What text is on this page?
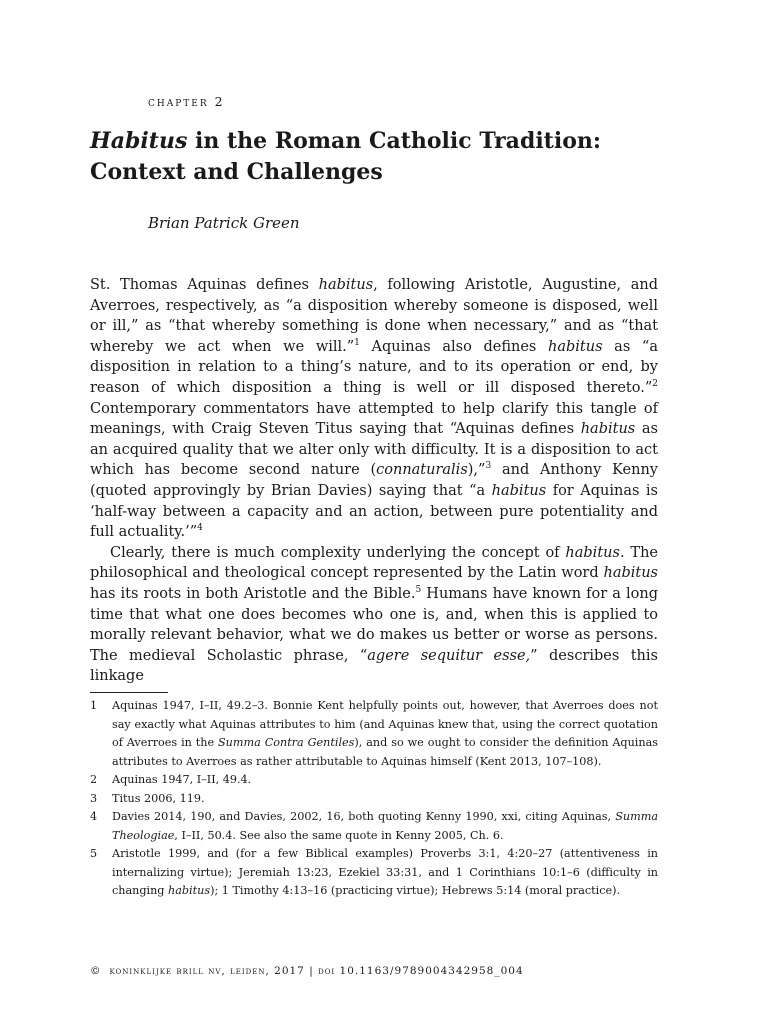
chapter 2
Habitus in the Roman Catholic Tradition: Context and Challenges
Brian Patrick Green

St. Thomas Aquinas defines habitus, following Aristotle, Augustine, and Averroes, respectively, as “a disposition whereby someone is disposed, well or ill,” as “that whereby something is done when necessary,” and as “that whereby we act when we will.”$^1$ Aquinas also defines habitus as “a disposition in relation to a thing’s nature, and to its operation or end, by reason of which disposition a thing is well or ill disposed thereto.”$^2$ Contemporary commentators have attempted to help clarify this tangle of meanings, with Craig Steven Titus saying that “Aquinas defines habitus as an acquired quality that we alter only with difficulty. It is a disposition to act which has become second nature (connaturalis),”$^3$ and Anthony Kenny (quoted approvingly by Brian Davies) saying that “a habitus for Aquinas is ‘half-way between a capacity and an action, between pure potentiality and full actuality.’”$^4$

Clearly, there is much complexity underlying the concept of habitus. The philosophical and theological concept represented by the Latin word habitus has its roots in both Aristotle and the Bible.$^5$ Humans have known for a long time that what one does becomes who one is, and, when this is applied to morally relevant behavior, what we do makes us better or worse as persons. The medieval Scholastic phrase, “agere sequitur esse,” describes this linkage

1	Aquinas 1947, I–II, 49.2–3. Bonnie Kent helpfully points out, however, that Averroes does not say exactly what Aquinas attributes to him (and Aquinas knew that, using the correct quotation of Averroes in the Summa Contra Gentiles), and so we ought to consider the definition Aquinas attributes to Averroes as rather attributable to Aquinas himself (Kent 2013, 107–108).
2	Aquinas 1947, I–II, 49.4.
3	Titus 2006, 119.
4	Davies 2014, 190, and Davies, 2002, 16, both quoting Kenny 1990, xxi, citing Aquinas, Summa Theologiae, I–II, 50.4. See also the same quote in Kenny 2005, Ch. 6.
5	Aristotle 1999, and (for a few Biblical examples) Proverbs 3:1, 4:20–27 (attentiveness in internalizing virtue); Jeremiah 13:23, Ezekiel 33:31, and 1 Corinthians 10:1–6 (difficulty in changing habitus); 1 Timothy 4:13–16 (practicing virtue); Hebrews 5:14 (moral practice).
© koninklijke brill nv, leiden, 2017 | doi 10.1163/9789004342958_004
